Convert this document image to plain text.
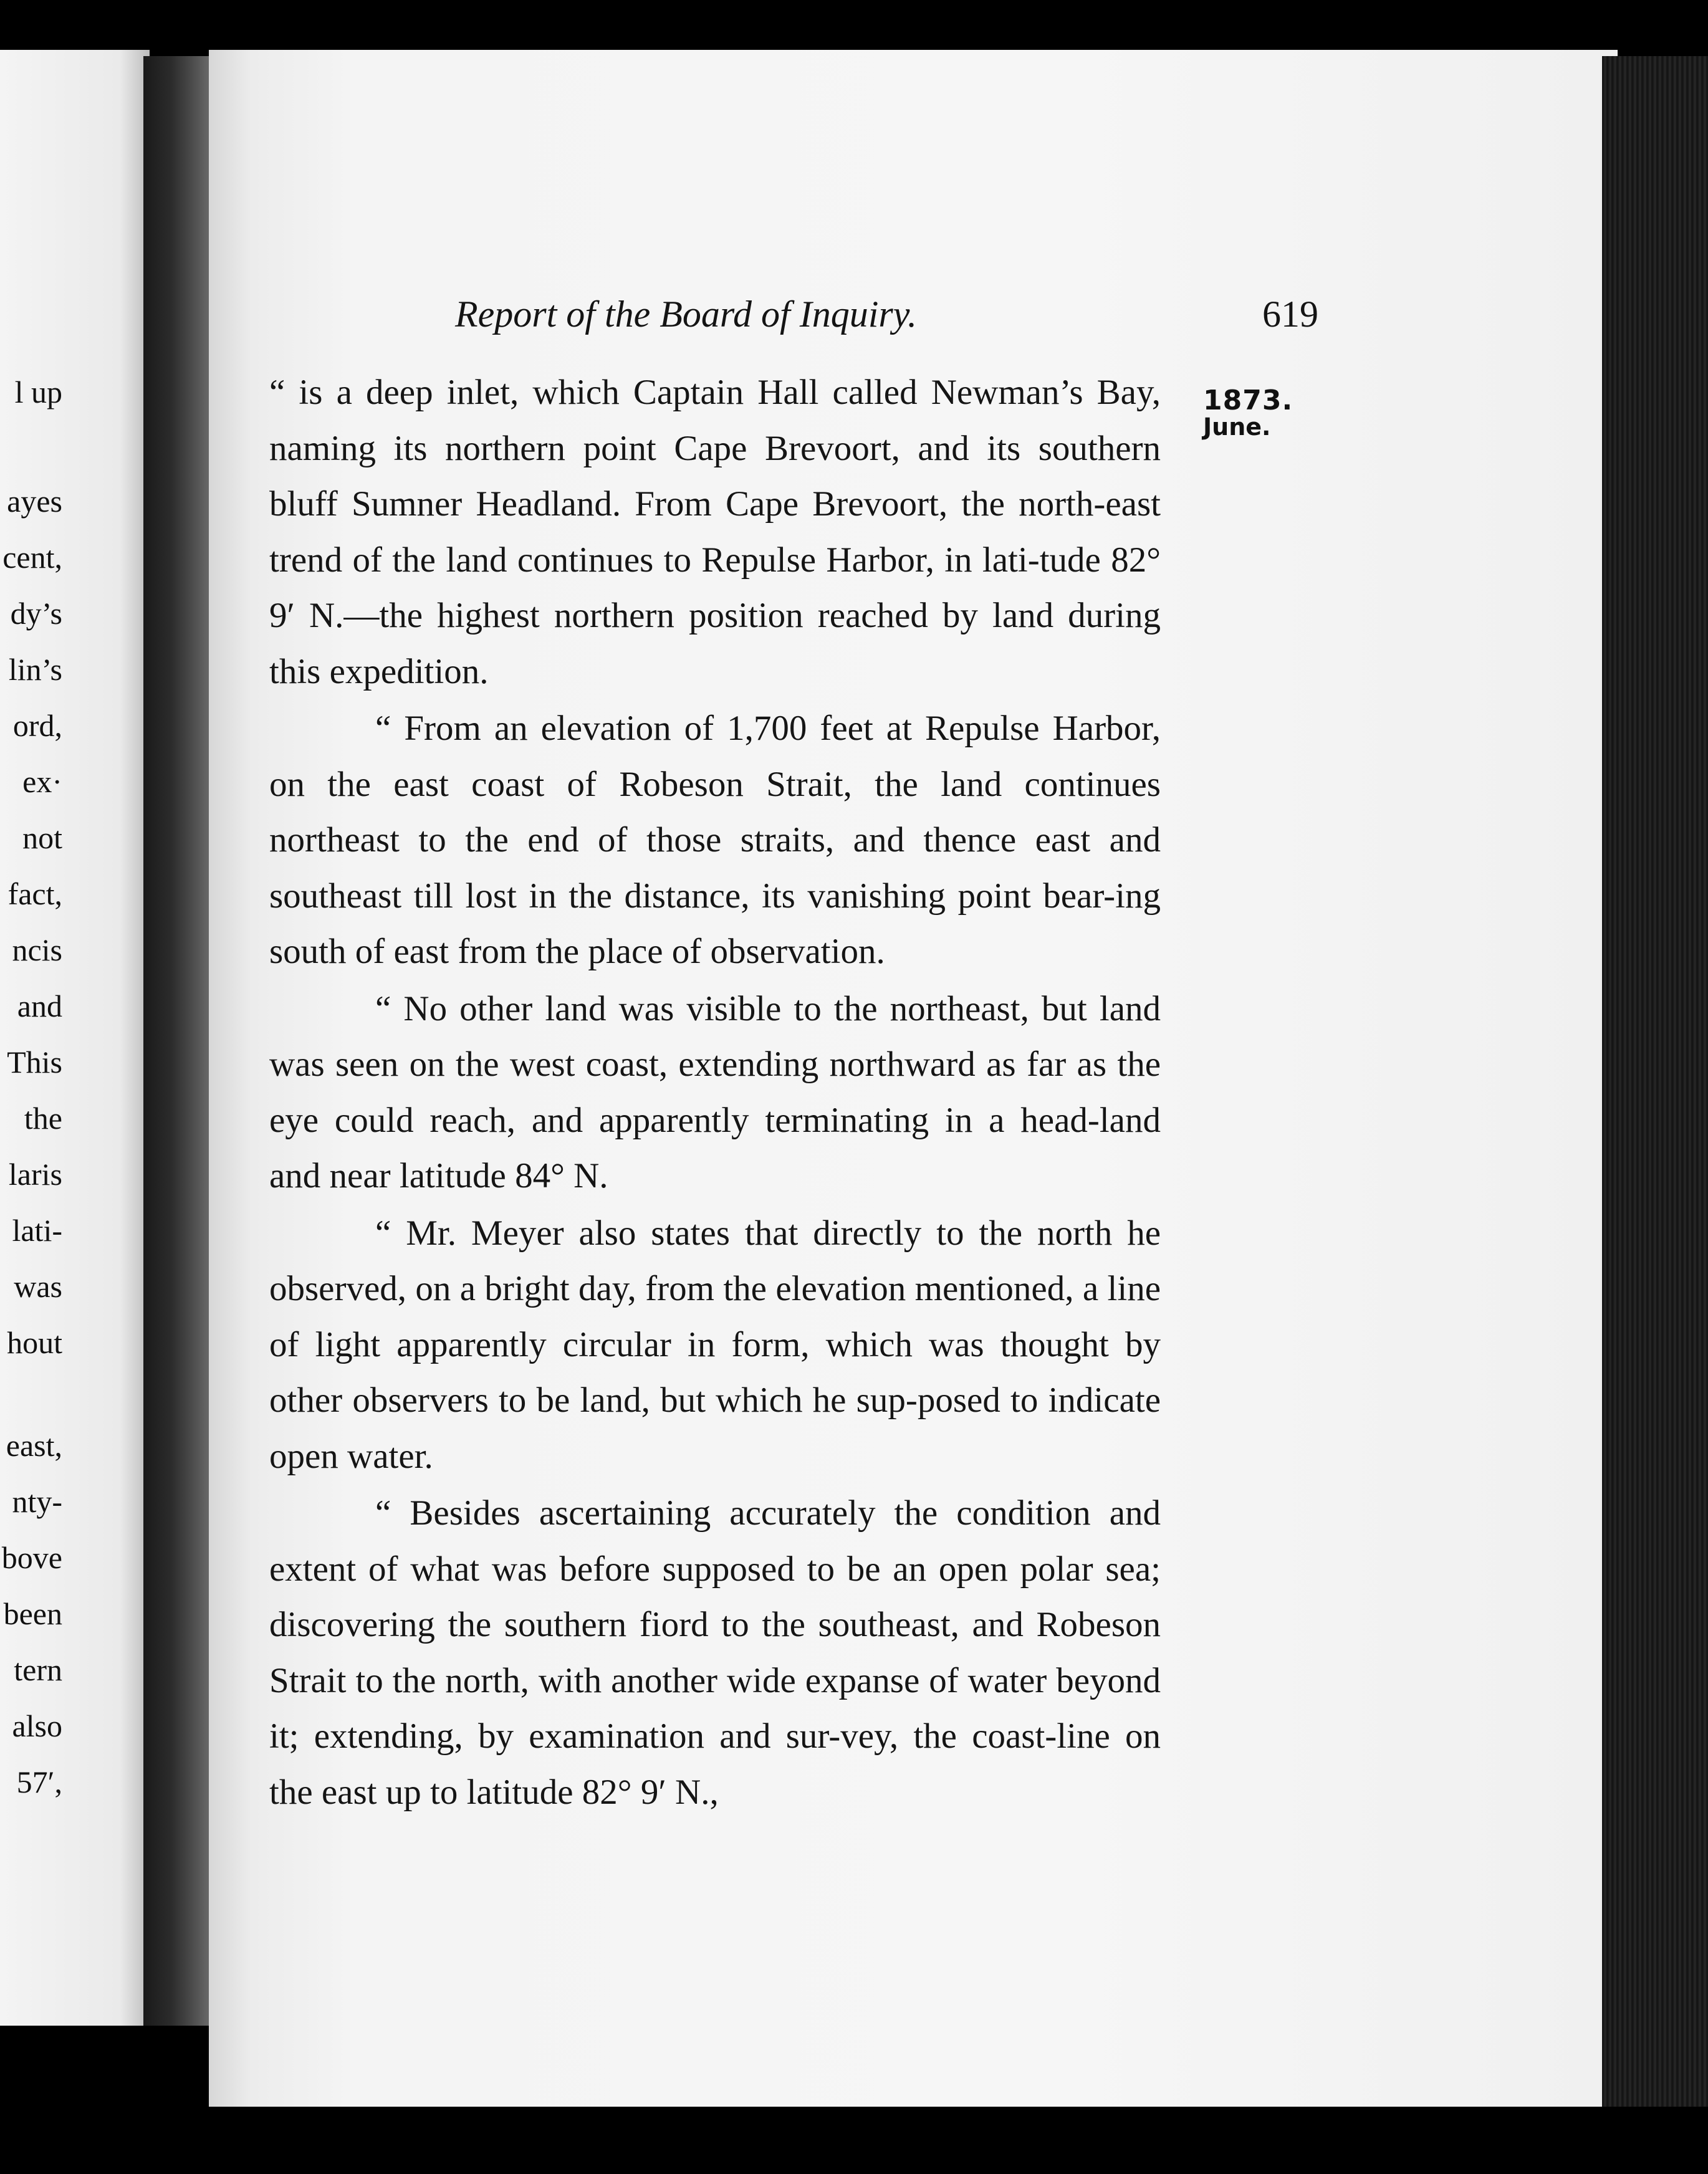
l up
ayes
cent,
dy’s
lin’s
ord,
ex·
not
fact,
ncis
and
This
the
laris
lati-
was
hout
east,
nty-
bove
been
tern
also
57′,
Report of the Board of Inquiry.	619
1873.
June.

“ is a deep inlet, which Captain Hall called Newman’s Bay, naming its northern point Cape Brevoort, and its southern bluff Sumner Headland. From Cape Brevoort, the north-east trend of the land continues to Repulse Harbor, in lati-tude 82° 9′ N.—the highest northern position reached by land during this expedition.

“ From an elevation of 1,700 feet at Repulse Harbor, on the east coast of Robeson Strait, the land continues northeast to the end of those straits, and thence east and southeast till lost in the distance, its vanishing point bear-ing south of east from the place of observation.

“ No other land was visible to the northeast, but land was seen on the west coast, extending northward as far as the eye could reach, and apparently terminating in a head-land and near latitude 84° N.

“ Mr. Meyer also states that directly to the north he observed, on a bright day, from the elevation mentioned, a line of light apparently circular in form, which was thought by other observers to be land, but which he sup-posed to indicate open water.

“ Besides ascertaining accurately the condition and extent of what was before supposed to be an open polar sea; discovering the southern fiord to the southeast, and Robeson Strait to the north, with another wide expanse of water beyond it; extending, by examination and sur-vey, the coast-line on the east up to latitude 82° 9′ N.,
